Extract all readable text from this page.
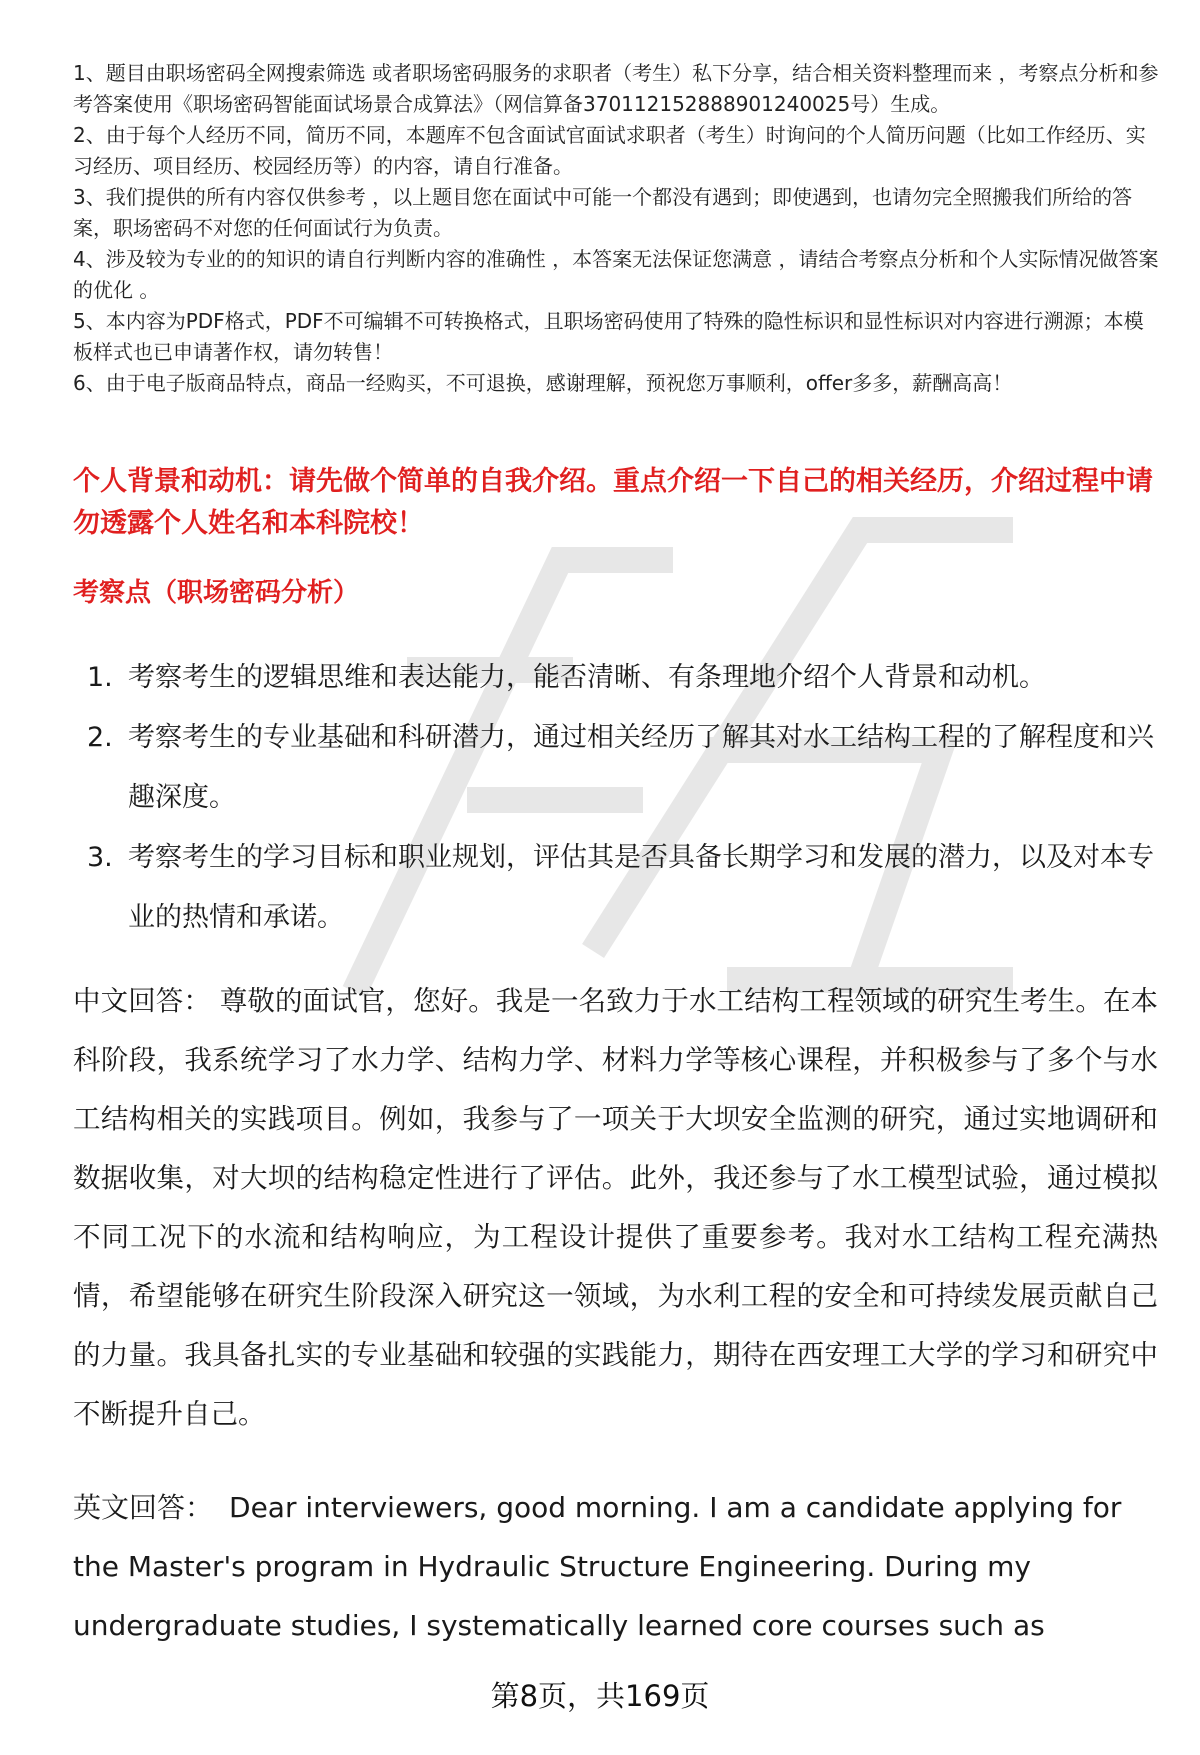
1、题目由职场密码全网搜索筛选 或者职场密码服务的求职者（考生）私下分享，结合相关资料整理而来 ，考察点分析和参考答案使用《职场密码智能面试场景合成算法》（网信算备370112152888901240025号）生成。
2、由于每个人经历不同，简历不同，本题库不包含面试官面试求职者（考生）时询问的个人简历问题（比如工作经历、实习经历、项目经历、校园经历等）的内容，请自行准备。
3、我们提供的所有内容仅供参考 ，以上题目您在面试中可能一个都没有遇到；即使遇到，也请勿完全照搬我们所给的答案，职场密码不对您的任何面试行为负责。
4、涉及较为专业的的知识的请自行判断内容的准确性 ，本答案无法保证您满意 ，请结合考察点分析和个人实际情况做答案的优化 。
5、本内容为PDF格式，PDF不可编辑不可转换格式，且职场密码使用了特殊的隐性标识和显性标识对内容进行溯源；本模板样式也已申请著作权，请勿转售！
6、由于电子版商品特点，商品一经购买，不可退换，感谢理解，预祝您万事顺利，offer多多，薪酬高高！

个人背景和动机：请先做个简单的自我介绍。重点介绍一下自己的相关经历，介绍过程中请勿透露个人姓名和本科院校！

考察点（职场密码分析）

1. 考察考生的逻辑思维和表达能力，能否清晰、有条理地介绍个人背景和动机。
2. 考察考生的专业基础和科研潜力，通过相关经历了解其对水工结构工程的了解程度和兴趣深度。
3. 考察考生的学习目标和职业规划，评估其是否具备长期学习和发展的潜力，以及对本专业的热情和承诺。

中文回答： 尊敬的面试官，您好。我是一名致力于水工结构工程领域的研究生考生。在本科阶段，我系统学习了水力学、结构力学、材料力学等核心课程，并积极参与了多个与水工结构相关的实践项目。例如，我参与了一项关于大坝安全监测的研究，通过实地调研和数据收集，对大坝的结构稳定性进行了评估。此外，我还参与了水工模型试验，通过模拟不同工况下的水流和结构响应，为工程设计提供了重要参考。我对水工结构工程充满热情，希望能够在研究生阶段深入研究这一领域，为水利工程的安全和可持续发展贡献自己的力量。我具备扎实的专业基础和较强的实践能力，期待在西安理工大学的学习和研究中不断提升自己。

英文回答： Dear interviewers, good morning. I am a candidate applying for the Master's program in Hydraulic Structure Engineering. During my undergraduate studies, I systematically learned core courses such as

第8页，共169页
